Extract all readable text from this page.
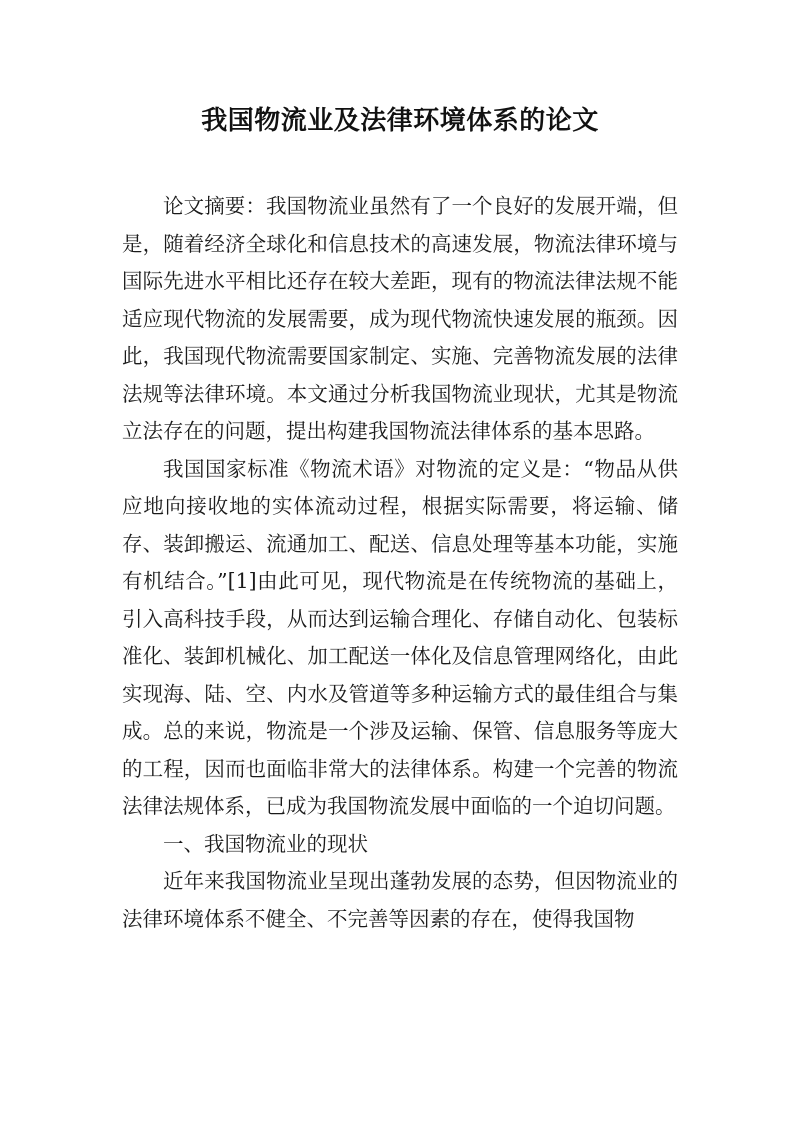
我国物流业及法律环境体系的论文

论文摘要：我国物流业虽然有了一个良好的发展开端，但是，随着经济全球化和信息技术的高速发展，物流法律环境与国际先进水平相比还存在较大差距，现有的物流法律法规不能适应现代物流的发展需要，成为现代物流快速发展的瓶颈。因此，我国现代物流需要国家制定、实施、完善物流发展的法律法规等法律环境。本文通过分析我国物流业现状，尤其是物流立法存在的问题，提出构建我国物流法律体系的基本思路。

我国国家标准《物流术语》对物流的定义是：“物品从供应地向接收地的实体流动过程，根据实际需要，将运输、储存、装卸搬运、流通加工、配送、信息处理等基本功能，实施有机结合。”[1]由此可见，现代物流是在传统物流的基础上，引入高科技手段，从而达到运输合理化、存储自动化、包装标准化、装卸机械化、加工配送一体化及信息管理网络化，由此实现海、陆、空、内水及管道等多种运输方式的最佳组合与集成。总的来说，物流是一个涉及运输、保管、信息服务等庞大的工程，因而也面临非常大的法律体系。构建一个完善的物流法律法规体系，已成为我国物流发展中面临的一个迫切问题。

一、我国物流业的现状

近年来我国物流业呈现出蓬勃发展的态势，但因物流业的法律环境体系不健全、不完善等因素的存在，使得我国物
